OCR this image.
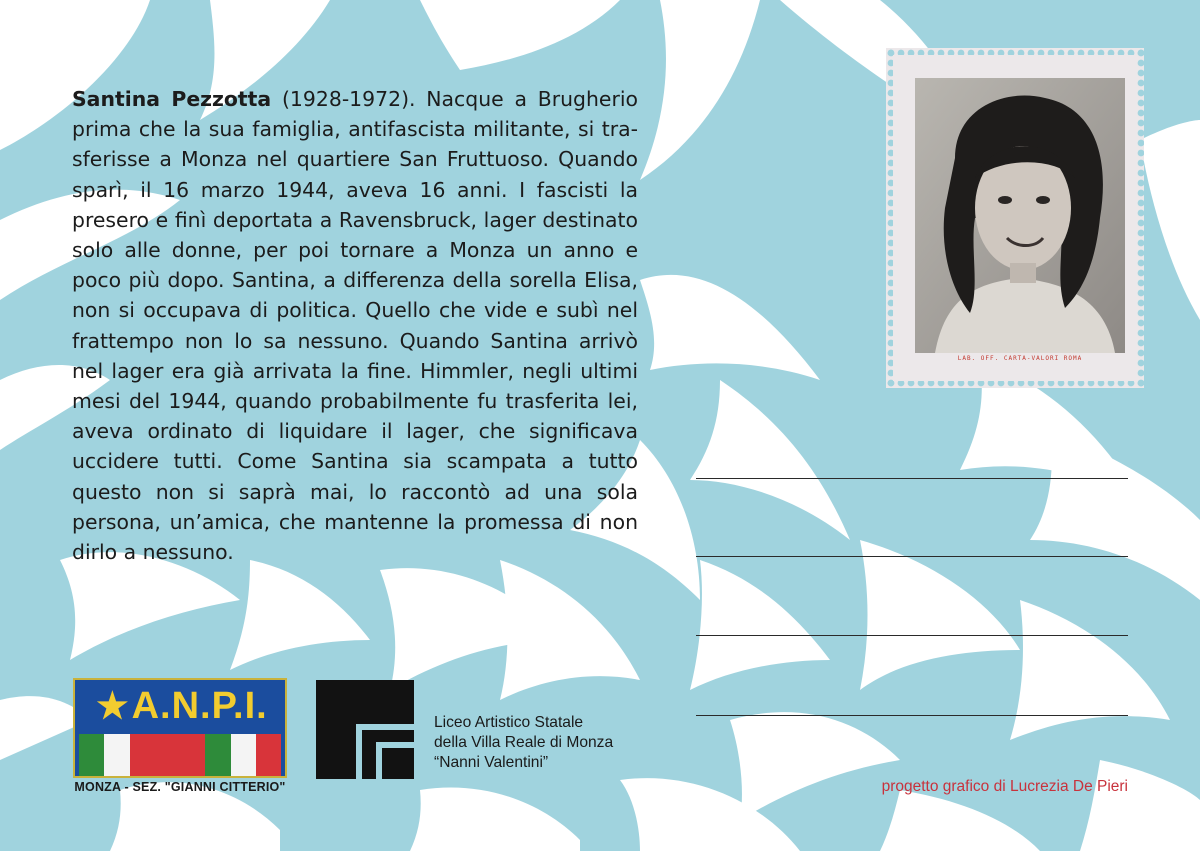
Santina Pezzotta (1928-1972). Nacque a Brugherio prima che la sua famiglia, antifascista militante, si trasferisse a Monza nel quartiere San Fruttuoso. Quando sparì, il 16 marzo 1944, aveva 16 anni. I fascisti la presero e finì deportata a Ravensbruck, lager destinato solo alle donne, per poi tornare a Monza un anno e poco più dopo. Santina, a differenza della sorella Elisa, non si occupava di politica. Quello che vide e subì nel frattempo non lo sa nessuno. Quando Santina arrivò nel lager era già arrivata la fine. Himmler, negli ultimi mesi del 1944, quando probabilmente fu trasferita lei, aveva ordinato di liquidare il lager, che significava uccidere tutti. Come Santina sia scampata a tutto questo non si saprà mai, lo raccontò ad una sola persona, un’amica, che mantenne la promessa di non dirlo a nessuno.
LAB. OFF. CARTA-VALORI ROMA
★A.N.P.I.
MONZA - SEZ. "GIANNI CITTERIO"
Liceo Artistico Statale
della Villa Reale di Monza
“Nanni Valentini”
progetto grafico di Lucrezia De Pieri
